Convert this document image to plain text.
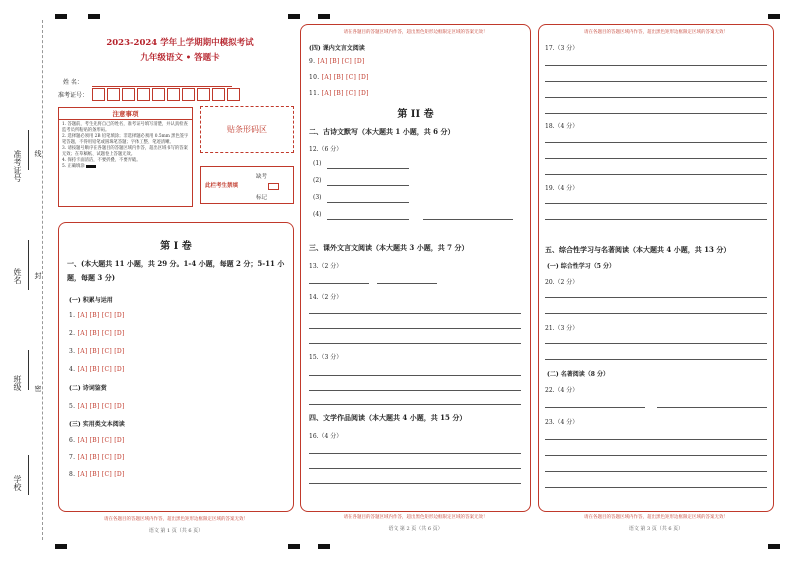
准考证号 线
姓名 封
班级 密
学校
2023-2024 学年上学期期中模拟考试
九年级语文 • 答题卡
姓 名：
准考证号：
注意事项
1. 答题前，考生先将自己的姓名，准考证号填写清楚，并认真检查监考员所粘贴的条形码。
2. 选择题必须用 2B 铅笔填涂；非选择题必须用 0.5mm 黑色签字笔答题，不得用铅笔或圆珠笔答题；字体工整、笔迹清晰。
3. 请按题号顺序在各题目的答题区域内作答，超出区域书写的答案无效；在草稿纸、试题卷上答题无效。
4. 保持卡面清洁，不要折叠、不要弄破。
5. 正确填涂
贴条形码区
此栏考生禁填
缺考
标记
第 I 卷
一、(本大题共 11 小题，共 29 分。1-4 小题，每题 2 分；5-11 小题，每题 3 分)
(一) 积累与运用
1. [A] [B] [C] [D]
2. [A] [B] [C] [D]
3. [A] [B] [C] [D]
4. [A] [B] [C] [D]
(二) 诗词鉴赏
5. [A] [B] [C] [D]
(三) 实用类文本阅读
6. [A] [B] [C] [D]
7. [A] [B] [C] [D]
8. [A] [B] [C] [D]
请在各题目的答题区域内作答，超出黑色矩形边框限定区域的答案无效！
语文 第 1 页（共 6 页）
请在各题目的答题区域内作答，超出黑色矩形边框限定区域的答案无效！
(四) 课内文言文阅读
9. [A] [B] [C] [D]
10. [A] [B] [C] [D]
11. [A] [B] [C] [D]
第 II 卷
二、古诗文默写（本大题共 1 小题，共 6 分）
12.（6 分）
(1)
(2)
(3)
(4)
三、课外文言文阅读（本大题共 3 小题，共 7 分）
13.（2 分）
14.（2 分）
15.（3 分）
四、文学作品阅读（本大题共 4 小题，共 15 分）
16.（4 分）
请在各题目的答题区域内作答，超出黑色矩形边框限定区域的答案无效！
语文 第 2 页（共 6 页）
请在各题目的答题区域内作答，超出黑色矩形边框限定区域的答案无效！
17.（3 分）
18.（4 分）
19.（4 分）
五、综合性学习与名著阅读（本大题共 4 小题，共 13 分）
(一) 综合性学习（5 分）
20.（2 分）
21.（3 分）
(二) 名著阅读（8 分）
22.（4 分）
23.（4 分）
请在各题目的答题区域内作答，超出黑色矩形边框限定区域的答案无效！
语文 第 3 页（共 6 页）
